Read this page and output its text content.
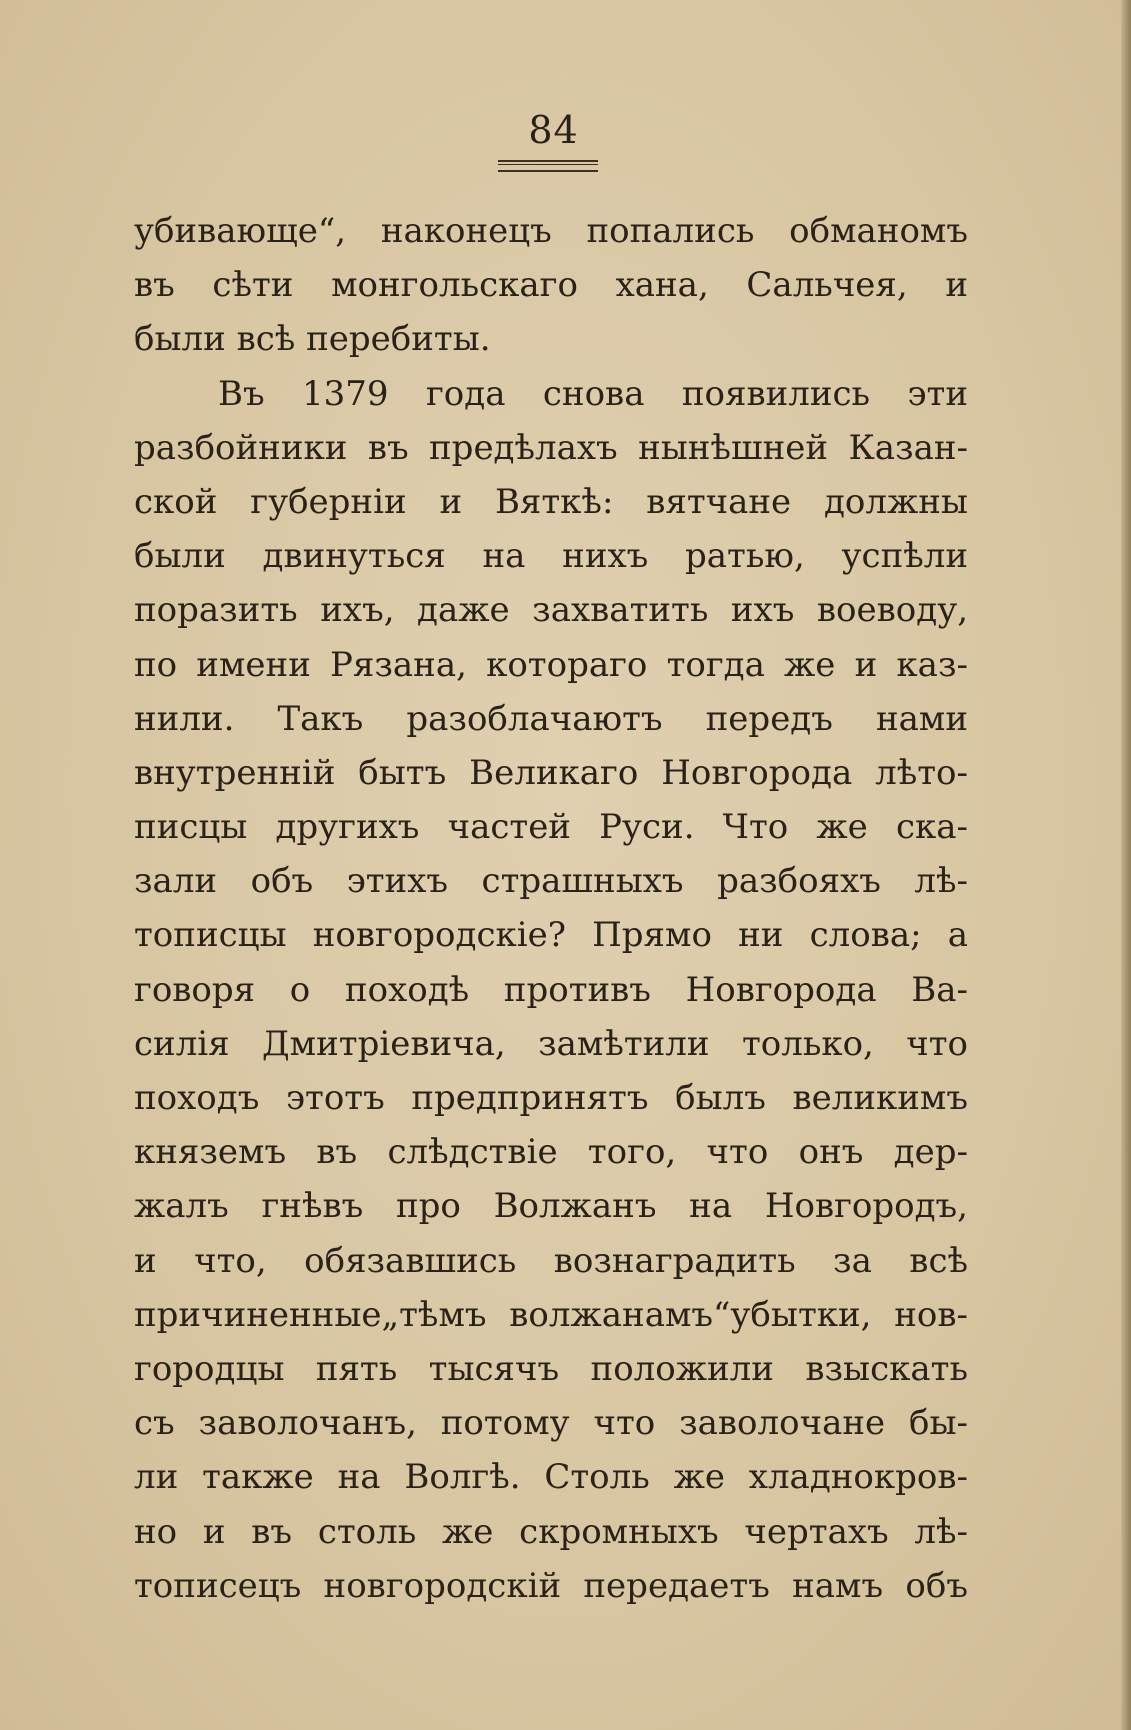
84
убивающе“, наконецъ попались обманомъ
въ сѣти монгольскаго хана, Сальчея, и
были всѣ перебиты.
Въ 1379 года снова появились эти
разбойники въ предѣлахъ нынѣшней Казан-
ской губерніи и Вяткѣ: вятчане должны
были двинуться на нихъ ратью, успѣли
поразить ихъ, даже захватить ихъ воеводу,
по имени Рязана, котораго тогда же и каз-
нили. Такъ разоблачаютъ передъ нами
внутренній бытъ Великаго Новгорода лѣто-
писцы другихъ частей Руси. Что же ска-
зали объ этихъ страшныхъ разбояхъ лѣ-
тописцы новгородскіе? Прямо ни слова; а
говоря о походѣ противъ Новгорода Ва-
силія Дмитріевича, замѣтили только, что
походъ этотъ предпринятъ былъ великимъ
княземъ въ слѣдствіе того, что онъ дер-
жалъ гнѣвъ про Волжанъ на Новгородъ,
и что, обязавшись вознаградить за всѣ
причиненные„тѣмъ волжанамъ“убытки, нов-
городцы пять тысячъ положили взыскать
съ заволочанъ, потому что заволочане бы-
ли также на Волгѣ. Столь же хладнокров-
но и въ столь же скромныхъ чертахъ лѣ-
тописецъ новгородскій передаетъ намъ объ
